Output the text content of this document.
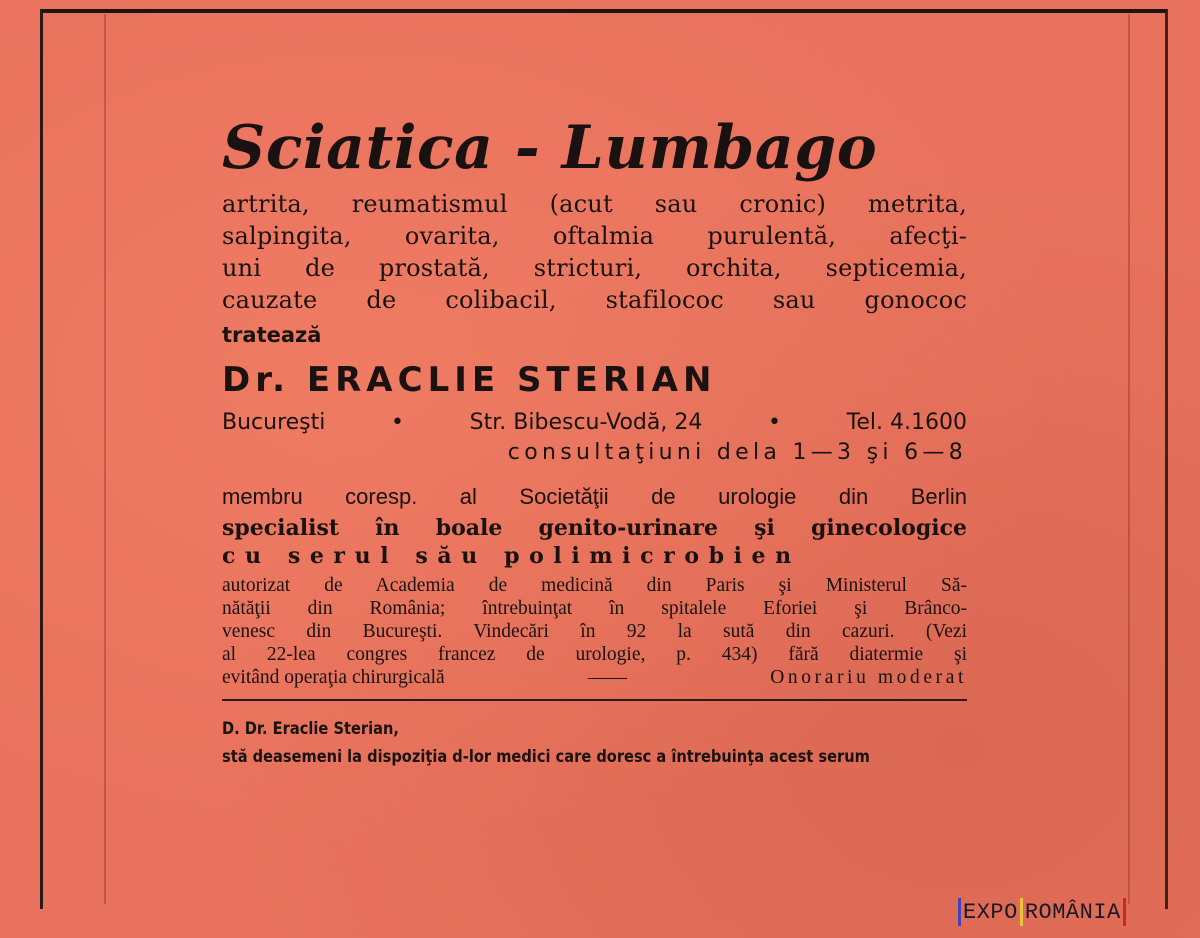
Sciatica - Lumbago

artrita, reumatismul (acut sau cronic) metrita,
salpingita, ovarita, oftalmia purulentă, afecţi-
uni de prostată, stricturi, orchita, septicemia,
cauzate de colibacil, stafilococ sau gonococ

tratează

Dr. ERACLIE STERIAN

Bucureşti	•	Str. Bibescu-Vodă, 24	•	Tel. 4.1600

consultaţiuni dela 1—3 şi 6—8

membru coresp. al Societăţii de urologie din Berlin

specialist în boale genito-urinare şi ginecologice

cu serul său polimicrobien

autorizat de Academia de medicină din Paris şi Ministerul Să-
nătăţii din România; întrebuinţat în spitalele Eforiei şi Brânco-
venesc din Bucureşti. Vindecări în 92 la sută din cazuri. (Vezi
al 22-lea congres francez de urologie, p. 434) fără diatermie şi
evitând operaţia chirurgicală	——	Onorariu moderat

D. Dr. Eraclie Sterian,
stă deasemeni la dispoziţia d-lor medici care doresc a întrebuinţa acest serum

EXPO ROMÂNIA
